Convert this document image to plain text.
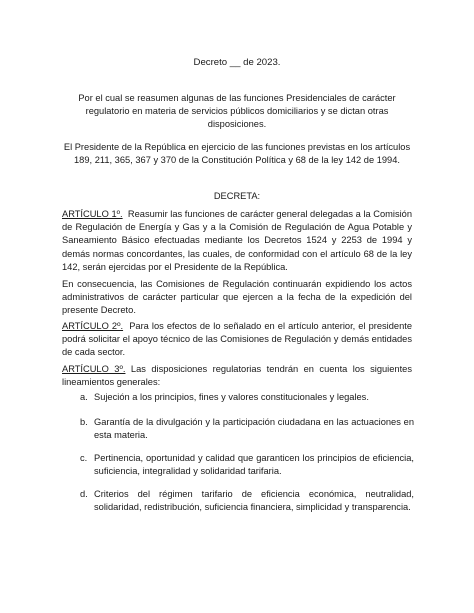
Decreto __ de 2023.
Por el cual se reasumen algunas de las funciones Presidenciales de carácter regulatorio en materia de servicios públicos domiciliarios y se dictan otras disposiciones.
El Presidente de la República en ejercicio de las funciones previstas en los artículos 189, 211, 365, 367 y 370 de la Constitución Política y 68 de la ley 142 de 1994.
DECRETA:
ARTÍCULO 1º. Reasumir las funciones de carácter general delegadas a la Comisión de Regulación de Energía y Gas y a la Comisión de Regulación de Agua Potable y Saneamiento Básico efectuadas mediante los Decretos 1524 y 2253 de 1994 y demás normas concordantes, las cuales, de conformidad con el artículo 68 de la ley 142, serán ejercidas por el Presidente de la República.
En consecuencia, las Comisiones de Regulación continuarán expidiendo los actos administrativos de carácter particular que ejercen a la fecha de la expedición del presente Decreto.
ARTÍCULO 2º. Para los efectos de lo señalado en el artículo anterior, el presidente podrá solicitar el apoyo técnico de las Comisiones de Regulación y demás entidades de cada sector.
ARTÍCULO 3º. Las disposiciones regulatorias tendrán en cuenta los siguientes lineamientos generales:
a. Sujeción a los principios, fines y valores constitucionales y legales.
b. Garantía de la divulgación y la participación ciudadana en las actuaciones en esta materia.
c. Pertinencia, oportunidad y calidad que garanticen los principios de eficiencia, suficiencia, integralidad y solidaridad tarifaria.
d. Criterios del régimen tarifario de eficiencia económica, neutralidad, solidaridad, redistribución, suficiencia financiera, simplicidad y transparencia.
